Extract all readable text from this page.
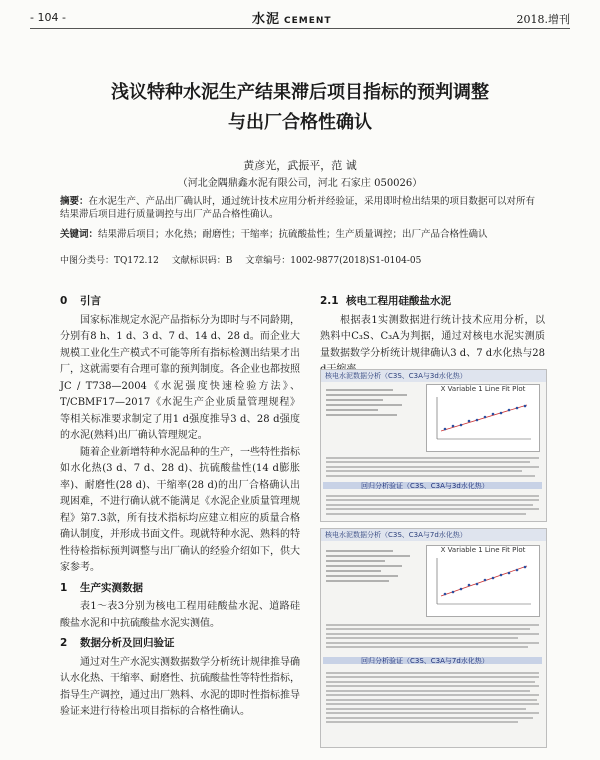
- 104 -	水泥 CEMENT	2018.增刊
浅议特种水泥生产结果滞后项目指标的预判调整
与出厂合格性确认
黄彦光，武振平，范 诚
（河北金隅鼎鑫水泥有限公司，河北 石家庄 050026）
摘要：在水泥生产、产品出厂确认时，通过统计技术应用分析并经验证，采用即时检出结果的项目数据可以对所有结果滞后项目进行质量调控与出厂产品合格性确认。
关键词：结果滞后项目；水化热；耐磨性；干缩率；抗硫酸盐性；生产质量调控；出厂产品合格性确认
中图分类号：TQ172.12 文献标识码：B 文章编号：1002-9877(2018)S1-0104-05
0 引言

国家标准规定水泥产品指标分为即时与不同龄期，分别有8 h、1 d、3 d、7 d、14 d、28 d。而企业大规模工业化生产模式不可能等所有指标检测出结果才出厂，这就需要有合理可靠的预判制度。各企业也都按照JC / T738—2004《水泥强度快速检验方法》、T/CBMF17—2017《水泥生产企业质量管理规程》等相关标准要求制定了用1 d强度推导3 d、28 d强度的水泥(熟料)出厂确认管理规定。

随着企业新增特种水泥品种的生产，一些特性指标如水化热(3 d、7 d、28 d)、抗硫酸盐性(14 d膨胀率)、耐磨性(28 d)、干缩率(28 d)的出厂合格确认出现困难，不进行确认就不能满足《水泥企业质量管理规程》第7.3款，所有技术指标均应建立相应的质量合格确认制度，并形成书面文件。现就特种水泥、熟料的特性待检指标预判调整与出厂确认的经验介绍如下，供大家参考。

1 生产实测数据

表1～表3分别为核电工程用硅酸盐水泥、道路硅酸盐水泥和中抗硫酸盐水泥实测值。

2 数据分析及回归验证

通过对生产水泥实测数据数学分析统计规律推导确认水化热、干缩率、耐磨性、抗硫酸盐性等特性指标，指导生产调控，通过出厂熟料、水泥的即时性指标推导验证来进行待检出项目指标的合格性确认。

2.1 核电工程用硅酸盐水泥

根据表1实测数据进行统计技术应用分析，以熟料中C₃S、C₃A为判据，通过对核电水泥实测质量数据数学分析统计规律确认3 d、7 d水化热与28

核电水泥数据分析（C3S、C3A与3d水化热）
X Variable 1 Line Fit Plot
回归分析验证（C3S、C3A与3d水化热）
核电水泥数据分析（C3S、C3A与7d水化热）
X Variable 1 Line Fit Plot
回归分析验证（C3S、C3A与7d水化热）
